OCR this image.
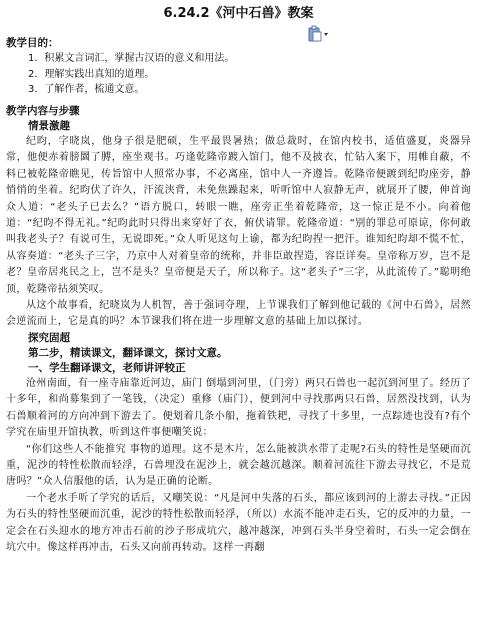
6.24.2《河中石兽》教案

教学目的：

1．积累文言词汇，掌握古汉语的意义和用法。

2．理解实践出真知的道理。

3．了解作者，梳通文意。

教学内容与步骤

情景激趣

纪昀，字晓岚，他身子很是肥硕，生平最畏暑热；做总裁时，在馆内校书，适值盛夏，炎器异常，他便赤着膀圜了膊，座坐观书。巧逢乾隆帝踱入馆门，他不及披衣，忙钻入案下，用帷自蔽，不料已被乾隆帝瞧见，传旨馆中人照常办事，不必离座，馆中人一齐遵旨。乾隆帝便踱到纪昀座旁，静悄悄的坐着。纪昀伏了许久，汗流浃背，未免焦躁起来，听听馆中人寂静无声，就展开了腰，伸首询众人道：“老头子已去么？”语方脱口，转眼一瞧，座旁正坐着乾隆帝，这一惊正是不小。向着他道：“纪昀不得无礼。”纪昀此时只得出来穿好了衣，俯伏请罪。乾隆帝道：“别的罪总可原谅，你何敢叫我老头子？有说可生，无说即死。”众人听见这句上谕，都为纪昀捏一把汗。谁知纪昀却不慌不忙，从容奏道：“老头子三字，乃京中人对着皇帝的统称，并非臣敢捏造，容臣详奏。皇帝称万岁，岂不是老？皇帝居兆民之上，岂不是头？皇帝便是天子，所以称子。这“老头子”三字，从此流传了。”聪明绝顶，乾隆帝拈须笑叹。

从这个故事看，纪晓岚为人机智，善于强词夺理，上节课我们了解到他记载的《河中石兽》，居然会逆流而上，它是真的吗？本节课我们将在进一步理解文意的基础上加以探讨。

探究固超

第二步，精读课文，翻译课文，探讨文意。

一、学生翻译课文，老师讲评较正

沧州南面，有一座寺庙靠近河边，庙门 倒塌到河里，（门旁）两只石兽也一起沉到河里了。经历了十多年，和尚募集到了一笔钱，（决定）重修（庙门），便到河中寻找那两只石兽，居然没找到，认为石兽顺着河的方向冲到下游去了。便划着几条小船，拖着铁耙，寻找了十多里，一点踪迹也没有?有个学究在庙里开馆执教，听到这件事便嘲笑说：

“你们这些人不能推究 事物的道理。这不是木片，怎么能被洪水带了走呢?石头的特性是坚硬而沉重，泥沙的特性松散而轻浮，石兽埋没在泥沙上，就会越沉越深。顺着河流往下游去寻找它，不是荒唐吗？”众人信服他的话，认为是正确的论断。

一个老水手听了学究的话后，又嘲笑说：“凡是河中失落的石头，都应该到河的上游去寻找。”正因为石头的特性坚硬而沉重，泥沙的特性松散而轻浮，（所以）水流不能冲走石头，它的反冲的力量，一定会在石头迎水的地方冲击石前的沙子形成坑穴，越冲越深，冲到石头半身空着时，石头一定会倒在坑穴中。像这样再冲击，石头又向前再转动。这样一再翻
